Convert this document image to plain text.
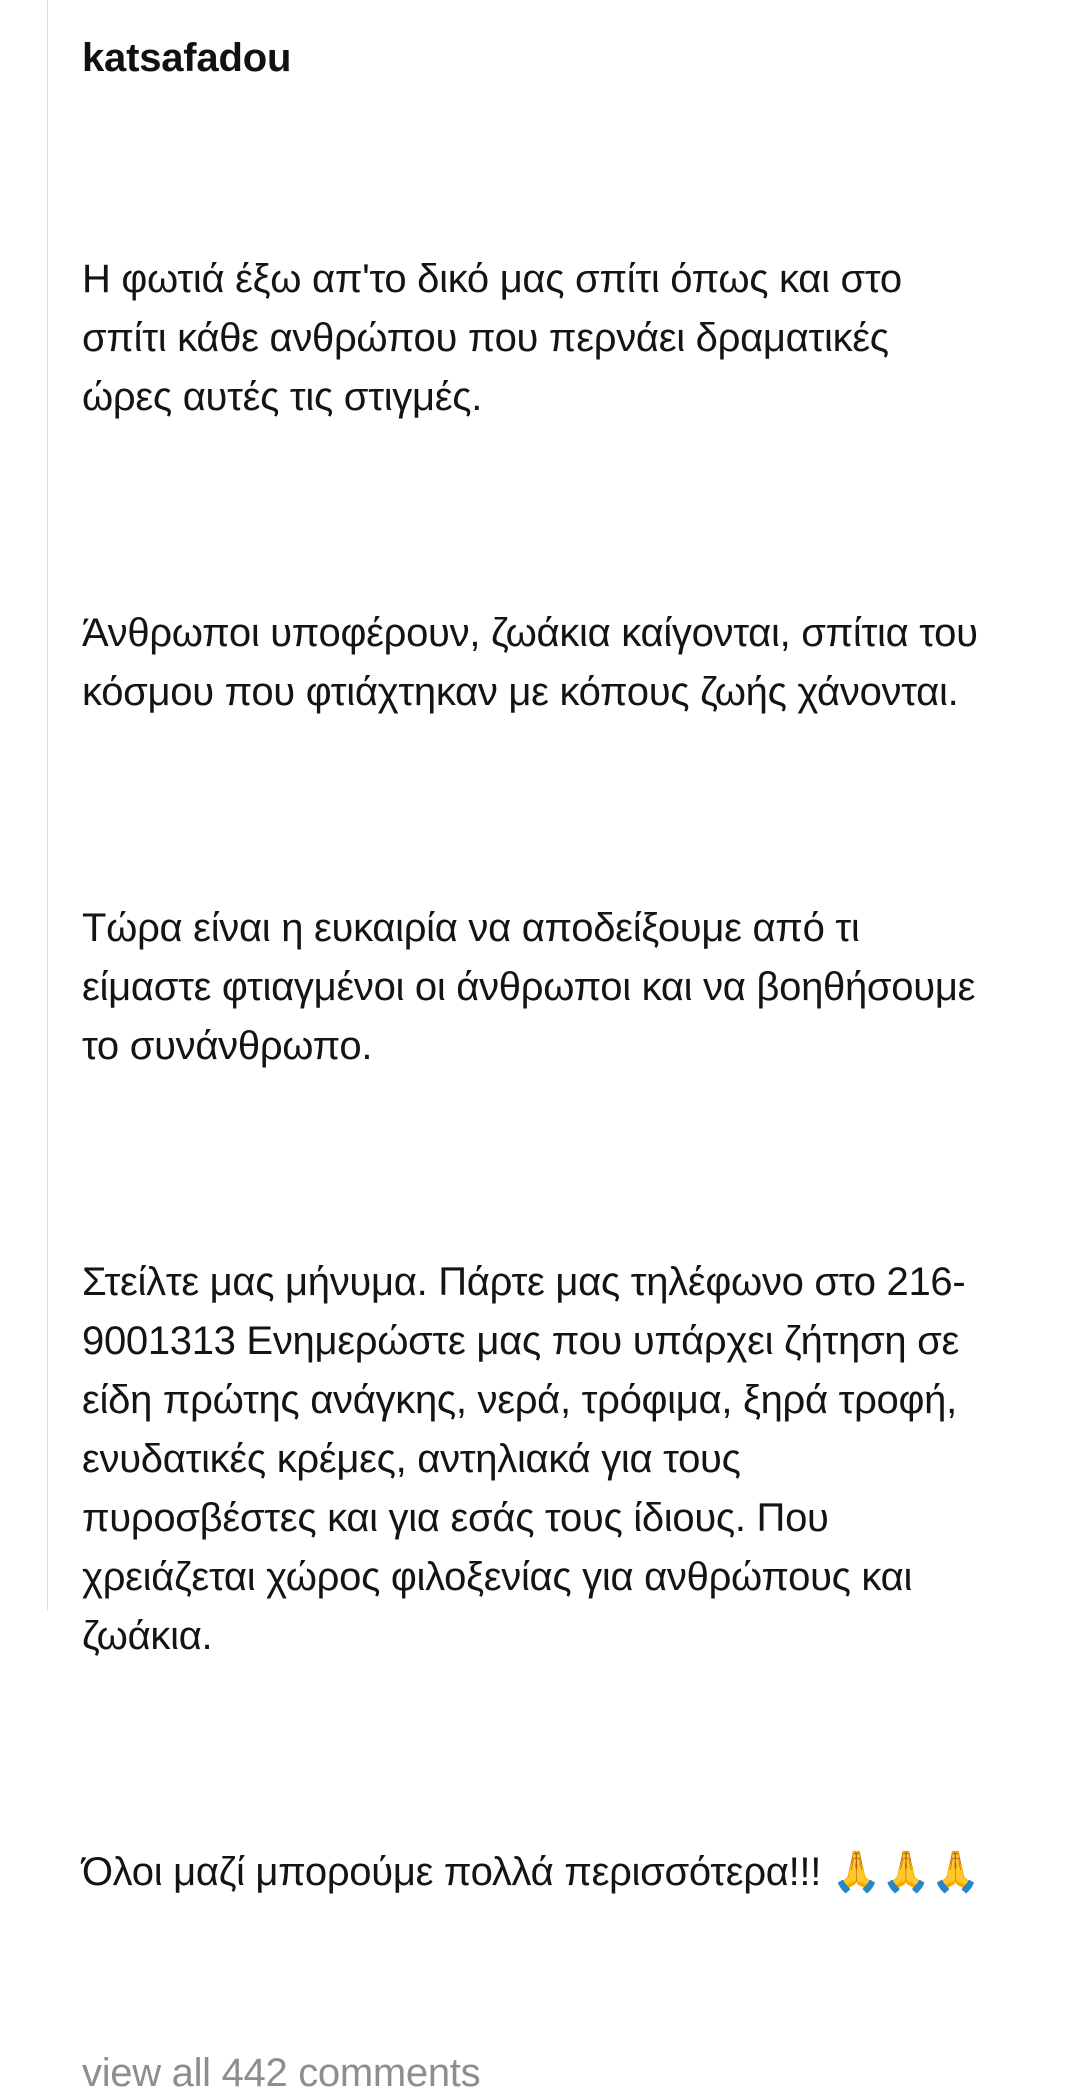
katsafadou

Η φωτιά έξω απ'το δικό μας σπίτι όπως και στο σπίτι κάθε ανθρώπου που περνάει δραματικές ώρες αυτές τις στιγμές.

Άνθρωποι υποφέρουν, ζωάκια καίγονται, σπίτια του κόσμου που φτιάχτηκαν με κόπους ζωής χάνονται.

Τώρα είναι η ευκαιρία να αποδείξουμε από τι είμαστε φτιαγμένοι οι άνθρωποι και να βοηθήσουμε το συνάνθρωπο.

Στείλτε μας μήνυμα. Πάρτε μας τηλέφωνο στο 216-9001313 Ενημερώστε μας που υπάρχει ζήτηση σε είδη πρώτης ανάγκης, νερά, τρόφιμα, ξηρά τροφή, ενυδατικές κρέμες, αντηλιακά για τους πυροσβέστες και για εσάς τους ίδιους. Που χρειάζεται χώρος φιλοξενίας για ανθρώπους και ζωάκια.

Όλοι μαζί μπορούμε πολλά περισσότερα!!! 🙏🙏🙏

view all 442 comments
